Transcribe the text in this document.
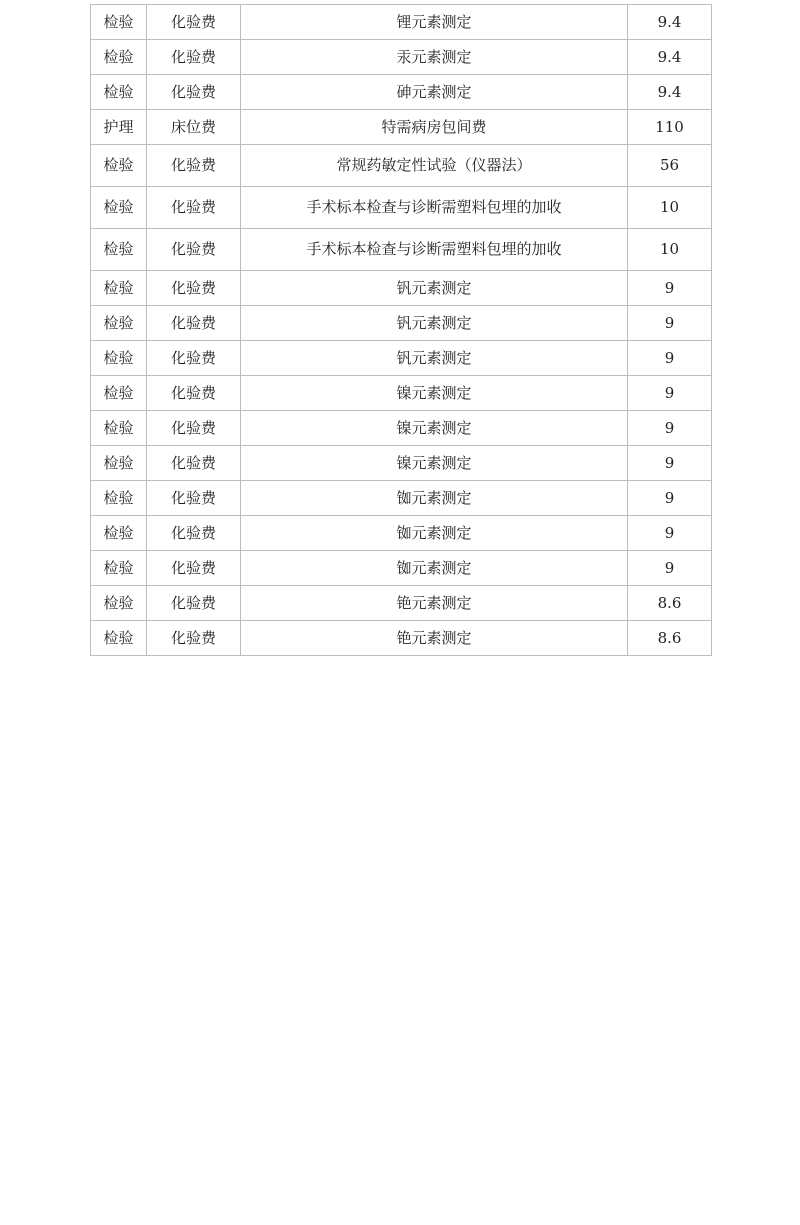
检验	化验费	锂元素测定	9.4
检验	化验费	汞元素测定	9.4
检验	化验费	砷元素测定	9.4
护理	床位费	特需病房包间费	110
检验	化验费	常规药敏定性试验（仪器法）	56
检验	化验费	手术标本检查与诊断需塑料包埋的加收	10
检验	化验费	手术标本检查与诊断需塑料包埋的加收	10
检验	化验费	钒元素测定	9
检验	化验费	钒元素测定	9
检验	化验费	钒元素测定	9
检验	化验费	镍元素测定	9
检验	化验费	镍元素测定	9
检验	化验费	镍元素测定	9
检验	化验费	铷元素测定	9
检验	化验费	铷元素测定	9
检验	化验费	铷元素测定	9
检验	化验费	铯元素测定	8.6
检验	化验费	铯元素测定	8.6
